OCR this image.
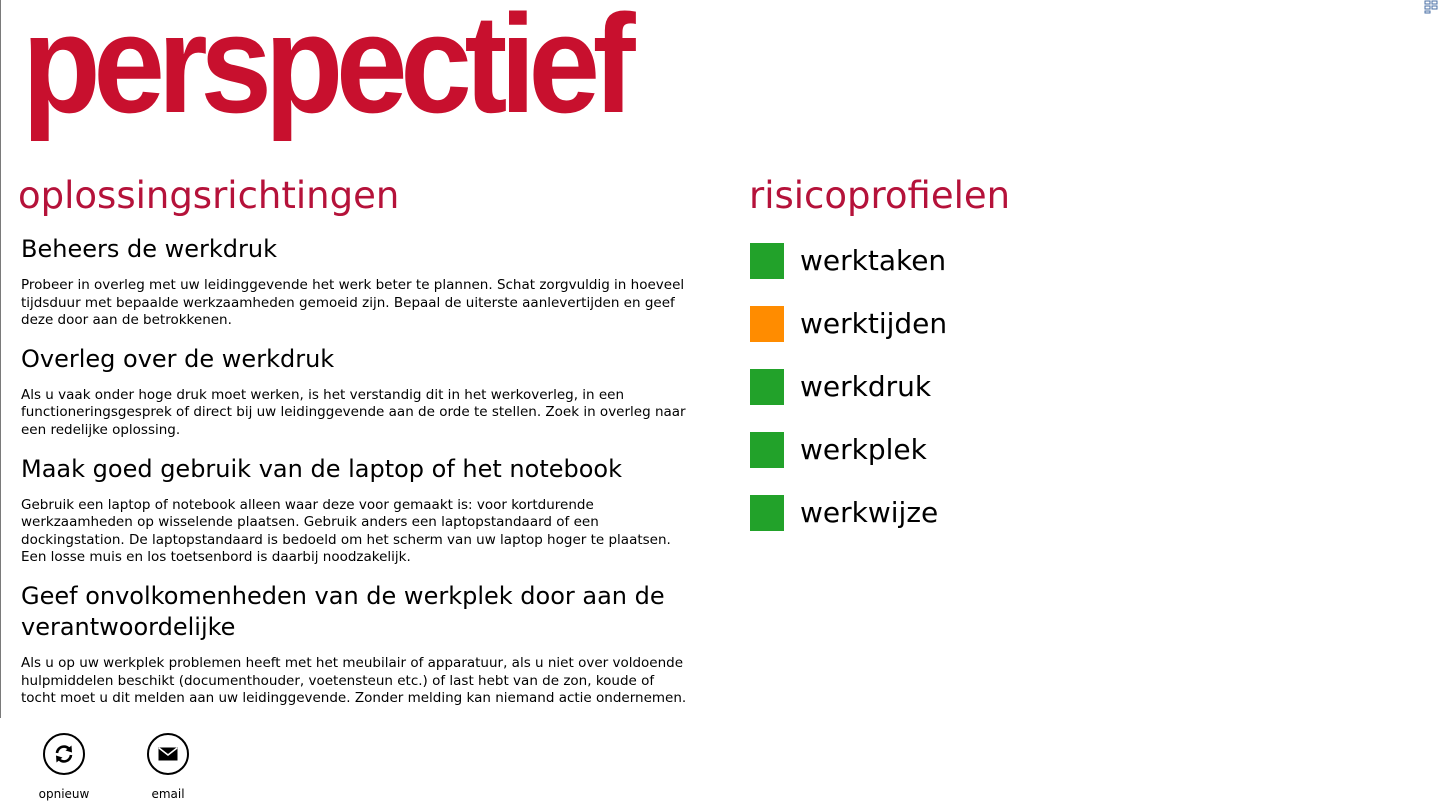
perspectief
oplossingsrichtingen
Beheers de werkdruk

Probeer in overleg met uw leidinggevende het werk beter te plannen. Schat zorgvuldig in hoeveel tijdsduur met bepaalde werkzaamheden gemoeid zijn. Bepaal de uiterste aanlevertijden en geef deze door aan de betrokkenen.

Overleg over de werkdruk

Als u vaak onder hoge druk moet werken, is het verstandig dit in het werkoverleg, in een functioneringsgesprek of direct bij uw leidinggevende aan de orde te stellen. Zoek in overleg naar een redelijke oplossing.

Maak goed gebruik van de laptop of het notebook

Gebruik een laptop of notebook alleen waar deze voor gemaakt is: voor kortdurende werkzaamheden op wisselende plaatsen. Gebruik anders een laptopstandaard of een dockingstation. De laptopstandaard is bedoeld om het scherm van uw laptop hoger te plaatsen. Een losse muis en los toetsenbord is daarbij noodzakelijk.

Geef onvolkomenheden van de werkplek door aan de verantwoordelijke

Als u op uw werkplek problemen heeft met het meubilair of apparatuur, als u niet over voldoende hulpmiddelen beschikt (documenthouder, voetensteun etc.) of last hebt van de zon, koude of tocht moet u dit melden aan uw leidinggevende. Zonder melding kan niemand actie ondernemen.

risicoprofielen
werktaken
werktijden
werkdruk
werkplek
werkwijze
opnieuw	email
